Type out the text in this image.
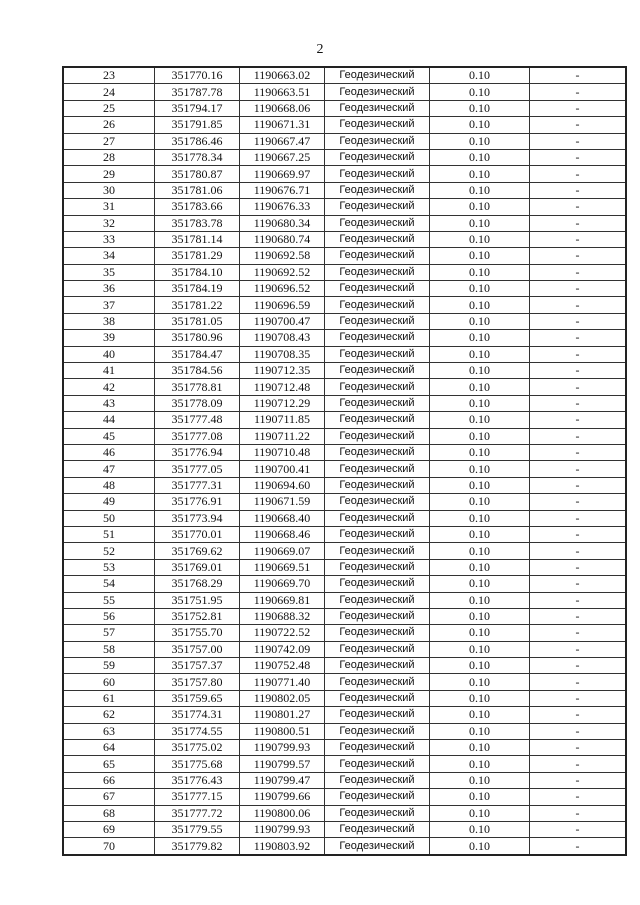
2
23	351770.16	1190663.02	Геодезический	0.10	-
24	351787.78	1190663.51	Геодезический	0.10	-
25	351794.17	1190668.06	Геодезический	0.10	-
26	351791.85	1190671.31	Геодезический	0.10	-
27	351786.46	1190667.47	Геодезический	0.10	-
28	351778.34	1190667.25	Геодезический	0.10	-
29	351780.87	1190669.97	Геодезический	0.10	-
30	351781.06	1190676.71	Геодезический	0.10	-
31	351783.66	1190676.33	Геодезический	0.10	-
32	351783.78	1190680.34	Геодезический	0.10	-
33	351781.14	1190680.74	Геодезический	0.10	-
34	351781.29	1190692.58	Геодезический	0.10	-
35	351784.10	1190692.52	Геодезический	0.10	-
36	351784.19	1190696.52	Геодезический	0.10	-
37	351781.22	1190696.59	Геодезический	0.10	-
38	351781.05	1190700.47	Геодезический	0.10	-
39	351780.96	1190708.43	Геодезический	0.10	-
40	351784.47	1190708.35	Геодезический	0.10	-
41	351784.56	1190712.35	Геодезический	0.10	-
42	351778.81	1190712.48	Геодезический	0.10	-
43	351778.09	1190712.29	Геодезический	0.10	-
44	351777.48	1190711.85	Геодезический	0.10	-
45	351777.08	1190711.22	Геодезический	0.10	-
46	351776.94	1190710.48	Геодезический	0.10	-
47	351777.05	1190700.41	Геодезический	0.10	-
48	351777.31	1190694.60	Геодезический	0.10	-
49	351776.91	1190671.59	Геодезический	0.10	-
50	351773.94	1190668.40	Геодезический	0.10	-
51	351770.01	1190668.46	Геодезический	0.10	-
52	351769.62	1190669.07	Геодезический	0.10	-
53	351769.01	1190669.51	Геодезический	0.10	-
54	351768.29	1190669.70	Геодезический	0.10	-
55	351751.95	1190669.81	Геодезический	0.10	-
56	351752.81	1190688.32	Геодезический	0.10	-
57	351755.70	1190722.52	Геодезический	0.10	-
58	351757.00	1190742.09	Геодезический	0.10	-
59	351757.37	1190752.48	Геодезический	0.10	-
60	351757.80	1190771.40	Геодезический	0.10	-
61	351759.65	1190802.05	Геодезический	0.10	-
62	351774.31	1190801.27	Геодезический	0.10	-
63	351774.55	1190800.51	Геодезический	0.10	-
64	351775.02	1190799.93	Геодезический	0.10	-
65	351775.68	1190799.57	Геодезический	0.10	-
66	351776.43	1190799.47	Геодезический	0.10	-
67	351777.15	1190799.66	Геодезический	0.10	-
68	351777.72	1190800.06	Геодезический	0.10	-
69	351779.55	1190799.93	Геодезический	0.10	-
70	351779.82	1190803.92	Геодезический	0.10	-
